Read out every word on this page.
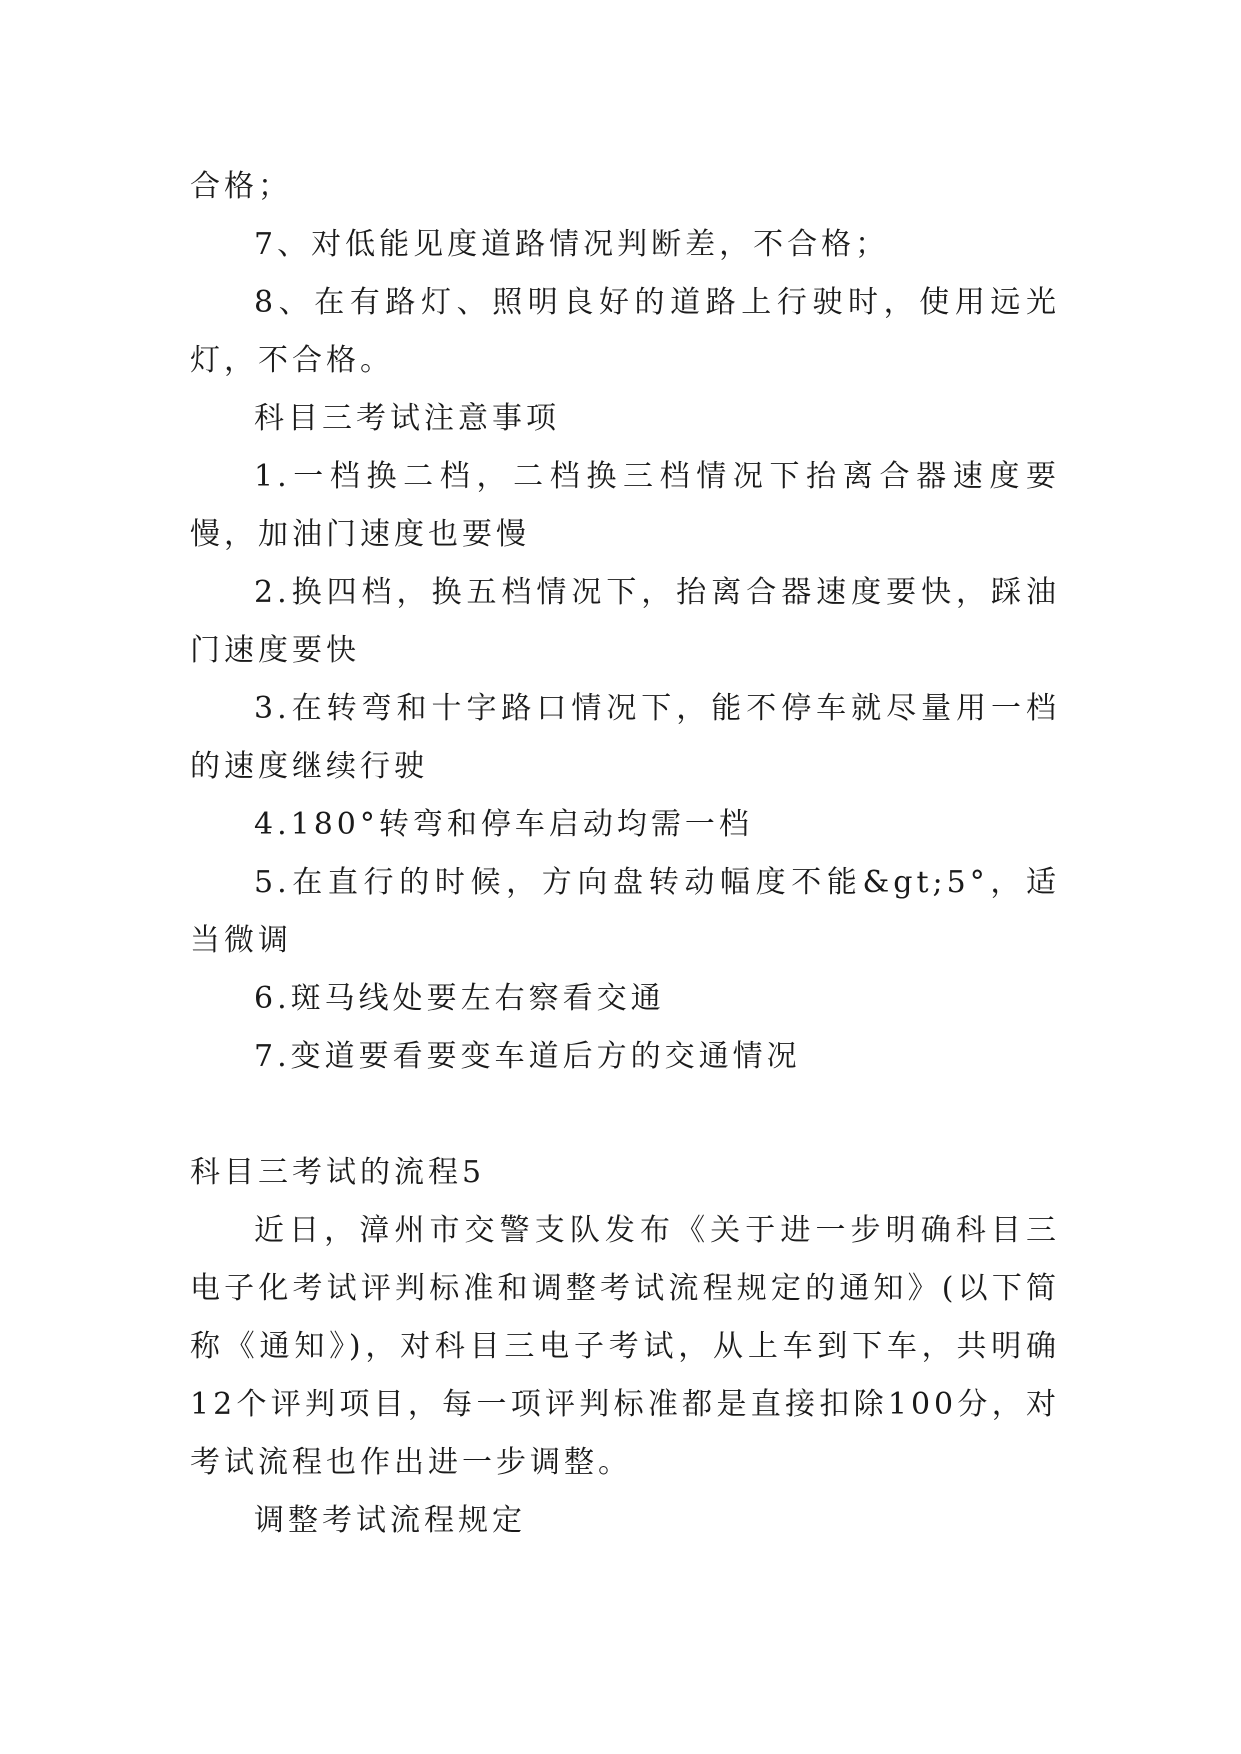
合格；

7、对低能见度道路情况判断差，不合格；

8、在有路灯、照明良好的道路上行驶时，使用远光灯，不合格。

科目三考试注意事项

1.一档换二档，二档换三档情况下抬离合器速度要慢，加油门速度也要慢

2.换四档，换五档情况下，抬离合器速度要快，踩油门速度要快

3.在转弯和十字路口情况下，能不停车就尽量用一档的速度继续行驶

4.180°转弯和停车启动均需一档

5.在直行的时候，方向盘转动幅度不能&gt;5°，适当微调

6.斑马线处要左右察看交通

7.变道要看要变车道后方的交通情况

科目三考试的流程5

近日，漳州市交警支队发布《关于进一步明确科目三电子化考试评判标准和调整考试流程规定的通知》(以下简称《通知》)，对科目三电子考试，从上车到下车，共明确12个评判项目，每一项评判标准都是直接扣除100分，对考试流程也作出进一步调整。

调整考试流程规定
